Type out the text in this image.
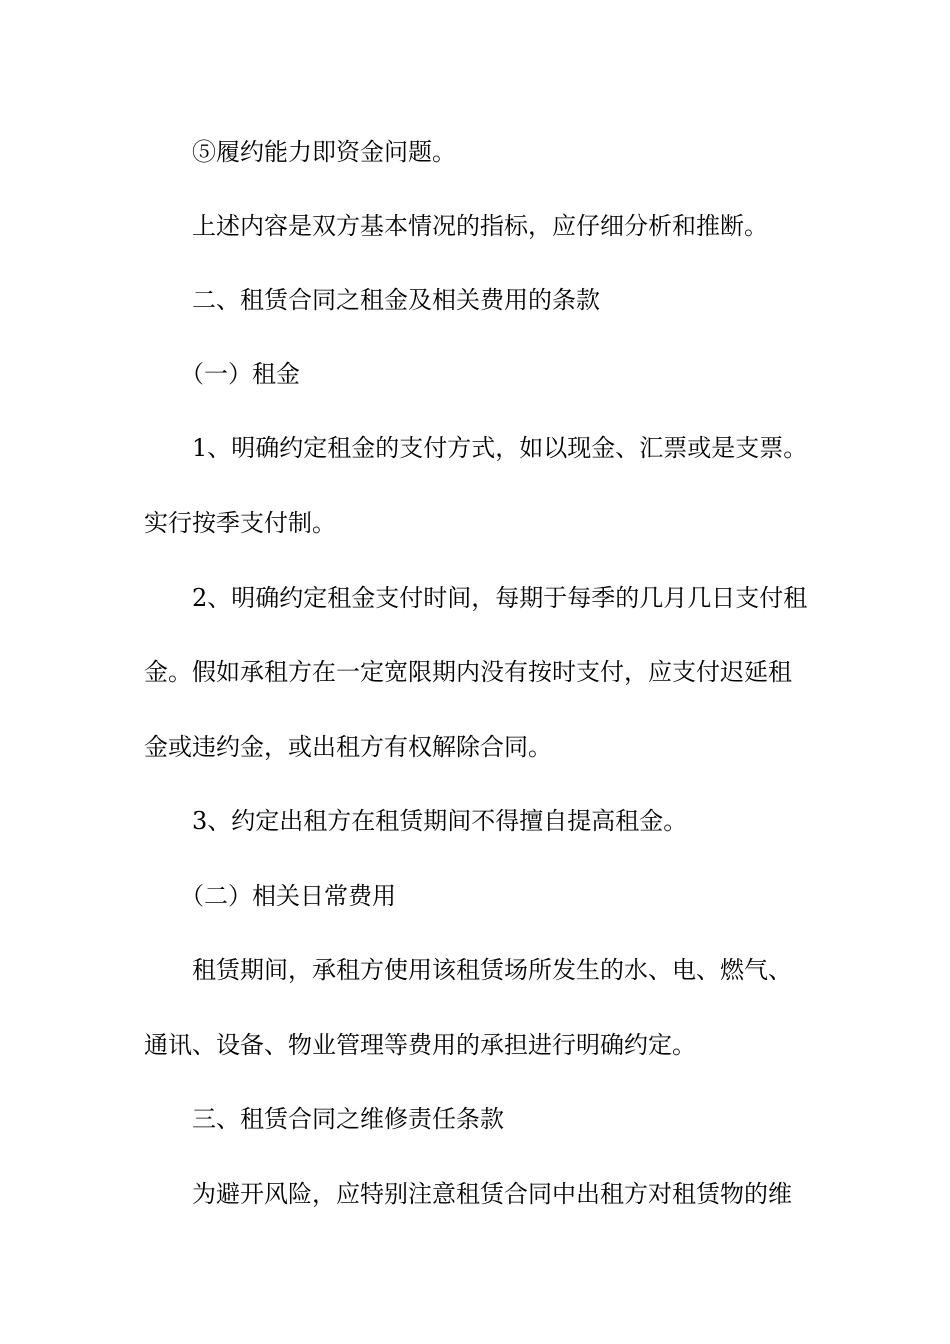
⑤履约能力即资金问题。
上述内容是双方基本情况的指标，应仔细分析和推断。
二、租赁合同之租金及相关费用的条款
（一）租金
1、明确约定租金的支付方式，如以现金、汇票或是支票。
实行按季支付制。
2、明确约定租金支付时间，每期于每季的几月几日支付租
金。假如承租方在一定宽限期内没有按时支付，应支付迟延租
金或违约金，或出租方有权解除合同。
3、约定出租方在租赁期间不得擅自提高租金。
（二）相关日常费用
租赁期间，承租方使用该租赁场所发生的水、电、燃气、
通讯、设备、物业管理等费用的承担进行明确约定。
三、租赁合同之维修责任条款
为避开风险，应特别注意租赁合同中出租方对租赁物的维
